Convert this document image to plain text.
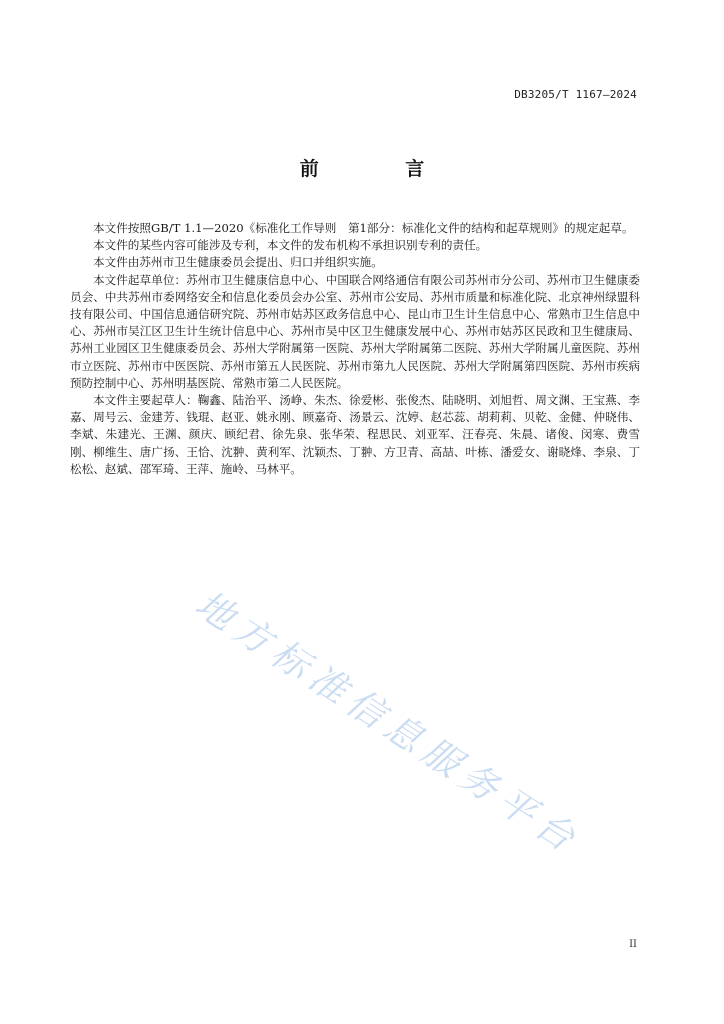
DB3205/T 1167—2024
前 言

本文件按照GB/T 1.1—2020《标准化工作导则　第1部分：标准化文件的结构和起草规则》的规定起草。

本文件的某些内容可能涉及专利，本文件的发布机构不承担识别专利的责任。

本文件由苏州市卫生健康委员会提出、归口并组织实施。

本文件起草单位：苏州市卫生健康信息中心、中国联合网络通信有限公司苏州市分公司、苏州市卫生健康委员会、中共苏州市委网络安全和信息化委员会办公室、苏州市公安局、苏州市质量和标准化院、北京神州绿盟科技有限公司、中国信息通信研究院、苏州市姑苏区政务信息中心、昆山市卫生计生信息中心、常熟市卫生信息中心、苏州市吴江区卫生计生统计信息中心、苏州市吴中区卫生健康发展中心、苏州市姑苏区民政和卫生健康局、苏州工业园区卫生健康委员会、苏州大学附属第一医院、苏州大学附属第二医院、苏州大学附属儿童医院、苏州市立医院、苏州市中医医院、苏州市第五人民医院、苏州市第九人民医院、苏州大学附属第四医院、苏州市疾病预防控制中心、苏州明基医院、常熟市第二人民医院。

本文件主要起草人：鞠鑫、陆治平、汤峥、朱杰、徐爱彬、张俊杰、陆晓明、刘旭哲、周文渊、王宝燕、李嘉、周号云、金建芳、钱琨、赵亚、姚永刚、顾嘉奇、汤景云、沈婷、赵芯蕊、胡莉莉、贝乾、金健、仲晓伟、李斌、朱建光、王渊、颜庆、顾纪君、徐先泉、张华荣、程思民、刘亚军、汪春亮、朱晨、诸俊、闵寒、费雪刚、柳维生、唐广扬、王恰、沈翀、黄利军、沈颖杰、丁翀、方卫青、高喆、叶栋、潘爱女、谢晓烽、李泉、丁松松、赵斌、邵军琦、王萍、施岭、马林平。

地方标准信息服务平台
II
